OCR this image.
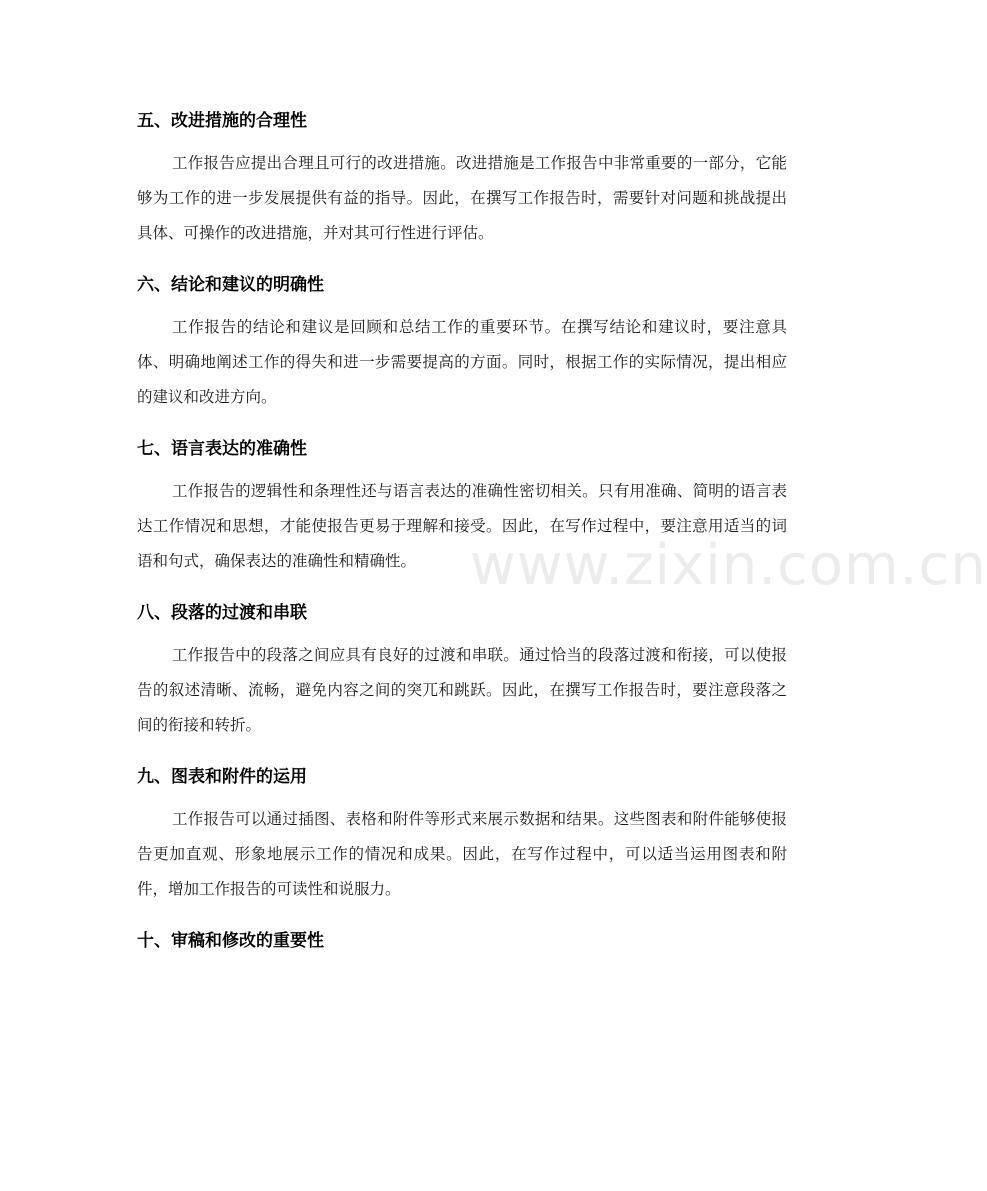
五、改进措施的合理性

工作报告应提出合理且可行的改进措施。改进措施是工作报告中非常重要的一部分，它能够为工作的进一步发展提供有益的指导。因此，在撰写工作报告时，需要针对问题和挑战提出具体、可操作的改进措施，并对其可行性进行评估。

六、结论和建议的明确性

工作报告的结论和建议是回顾和总结工作的重要环节。在撰写结论和建议时，要注意具体、明确地阐述工作的得失和进一步需要提高的方面。同时，根据工作的实际情况，提出相应的建议和改进方向。

七、语言表达的准确性

工作报告的逻辑性和条理性还与语言表达的准确性密切相关。只有用准确、简明的语言表达工作情况和思想，才能使报告更易于理解和接受。因此，在写作过程中，要注意用适当的词语和句式，确保表达的准确性和精确性。

八、段落的过渡和串联

工作报告中的段落之间应具有良好的过渡和串联。通过恰当的段落过渡和衔接，可以使报告的叙述清晰、流畅，避免内容之间的突兀和跳跃。因此，在撰写工作报告时，要注意段落之间的衔接和转折。

九、图表和附件的运用

工作报告可以通过插图、表格和附件等形式来展示数据和结果。这些图表和附件能够使报告更加直观、形象地展示工作的情况和成果。因此，在写作过程中，可以适当运用图表和附件，增加工作报告的可读性和说服力。

十、审稿和修改的重要性
www.zixin.com.cn
